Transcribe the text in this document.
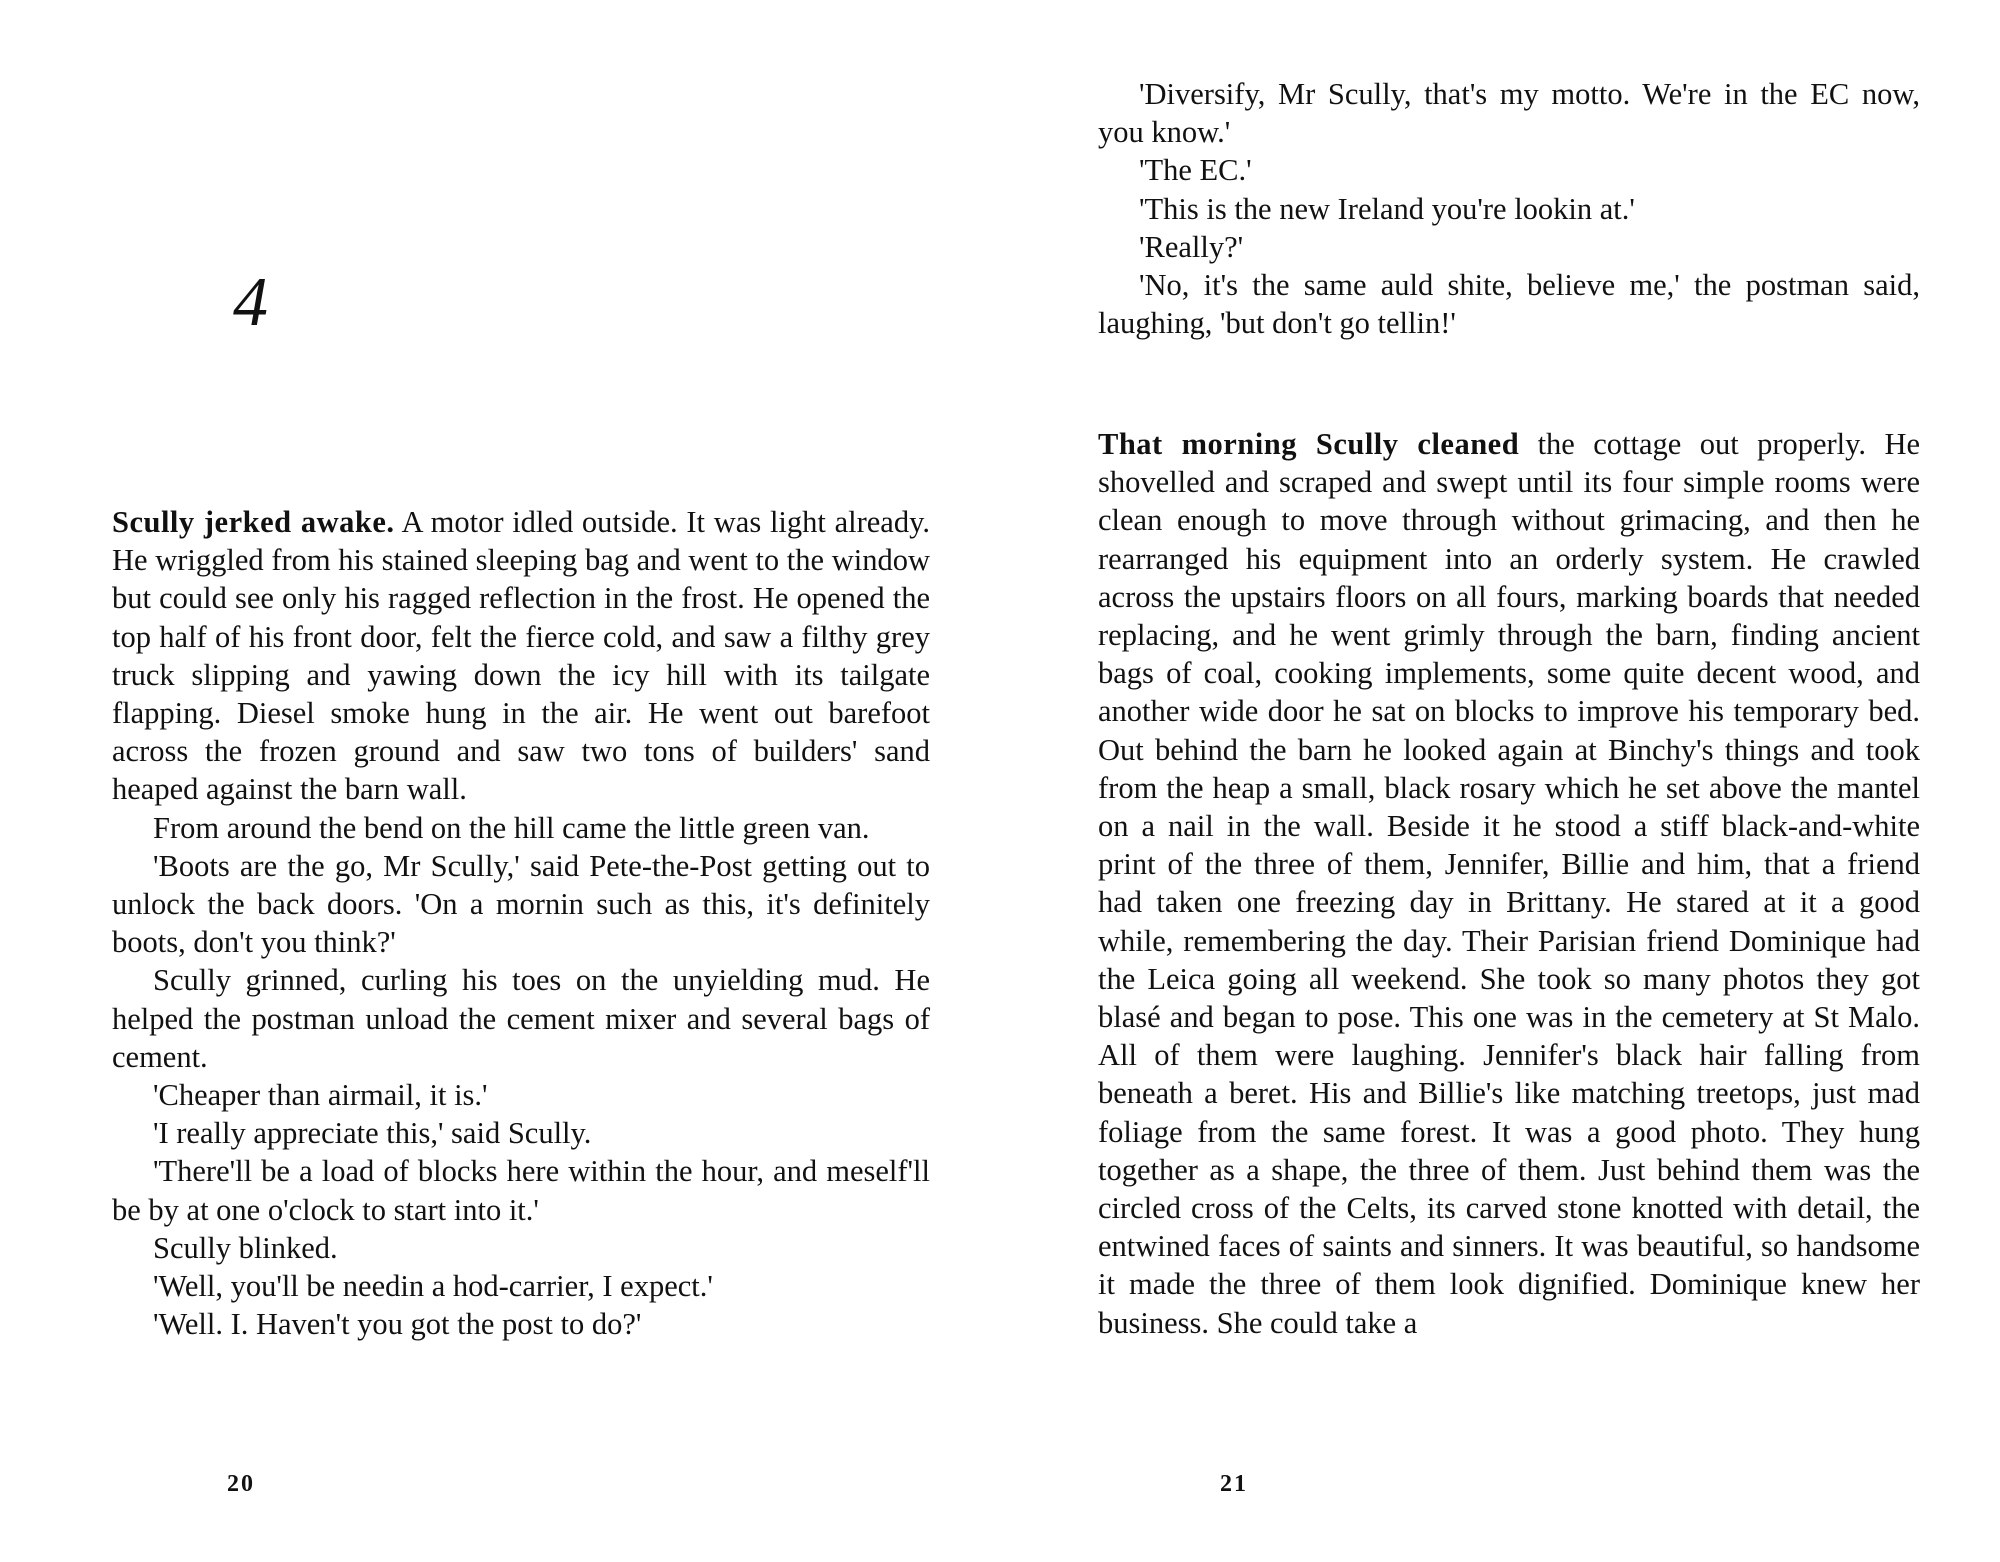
4

Scully jerked awake. A motor idled outside. It was light already. He wriggled from his stained sleeping bag and went to the window but could see only his ragged reflection in the frost. He opened the top half of his front door, felt the fierce cold, and saw a filthy grey truck slipping and yawing down the icy hill with its tailgate flapping. Diesel smoke hung in the air. He went out barefoot across the frozen ground and saw two tons of builders' sand heaped against the barn wall.

From around the bend on the hill came the little green van.

'Boots are the go, Mr Scully,' said Pete-the-Post getting out to unlock the back doors. 'On a mornin such as this, it's definitely boots, don't you think?'

Scully grinned, curling his toes on the unyielding mud. He helped the postman unload the cement mixer and several bags of cement.

'Cheaper than airmail, it is.'

'I really appreciate this,' said Scully.

'There'll be a load of blocks here within the hour, and meself'll be by at one o'clock to start into it.'

Scully blinked.

'Well, you'll be needin a hod-carrier, I expect.'

'Well. I. Haven't you got the post to do?'

20

'Diversify, Mr Scully, that's my motto. We're in the EC now, you know.'

'The EC.'

'This is the new Ireland you're lookin at.'

'Really?'

'No, it's the same auld shite, believe me,' the postman said, laughing, 'but don't go tellin!'

That morning Scully cleaned the cottage out properly. He shovelled and scraped and swept until its four simple rooms were clean enough to move through without grimacing, and then he rearranged his equipment into an orderly system. He crawled across the upstairs floors on all fours, marking boards that needed replacing, and he went grimly through the barn, finding ancient bags of coal, cooking implements, some quite decent wood, and another wide door he sat on blocks to improve his temporary bed. Out behind the barn he looked again at Binchy's things and took from the heap a small, black rosary which he set above the mantel on a nail in the wall. Beside it he stood a stiff black-and-white print of the three of them, Jennifer, Billie and him, that a friend had taken one freezing day in Brittany. He stared at it a good while, remembering the day. Their Parisian friend Dominique had the Leica going all weekend. She took so many photos they got blasé and began to pose. This one was in the cemetery at St Malo. All of them were laughing. Jennifer's black hair falling from beneath a beret. His and Billie's like matching treetops, just mad foliage from the same forest. It was a good photo. They hung together as a shape, the three of them. Just behind them was the circled cross of the Celts, its carved stone knotted with detail, the entwined faces of saints and sinners. It was beautiful, so handsome it made the three of them look dignified. Dominique knew her business. She could take a

21
